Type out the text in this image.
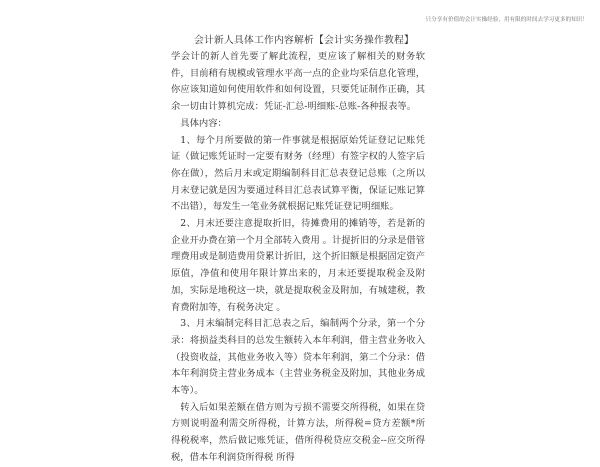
只分享有价值的会计实操经验，用有限的时间去学习更多的知识！
会计新人具体工作内容解析【会计实务操作教程】

学会计的新人首先要了解此流程，更应该了解相关的财务软件，目前稍有规模或管理水平高一点的企业均采信息化管理，你应该知道如何使用软件和如何设置，只要凭证制作正确，其余一切由计算机完成：凭证-汇总-明细账-总账-各种报表等。

具体内容：

1、每个月所要做的第一件事就是根据原始凭证登记记账凭证（做记账凭证时一定要有财务（经理）有签字权的人签字后你在做），然后月末或定期编制科目汇总表登记总账（之所以月末登记就是因为要通过科目汇总表试算平衡，保证记账记算不出错），每发生一笔业务就根据记账凭证登记明细账。

2、月末还要注意提取折旧，待摊费用的摊销等，若是新的企业开办费在第一个月全部转入费用 。计提折旧的分录是借管理费用或是制造费用贷累计折旧，这个折旧额是根据固定资产原值，净值和使用年限计算出来的，月末还要提取税金及附加，实际是地税这一块，就是提取税金及附加，有城建税，教育费附加等，有税务决定 。

3、月末编制完科目汇总表之后，编制两个分录，第一个分录：将损益类科目的总发生额转入本年利润，借主营业务收入（投资收益，其他业务收入等）贷本年利润，第二个分录：借本年利润贷主营业务成本（主营业务税金及附加，其他业务成本等）。

转入后如果差额在借方则为亏损不需要交所得税，如果在贷方则说明盈利需交所得税，计算方法，所得税=贷方差额*所得税税率，然后做记账凭证，借所得税贷应交税金--应交所得税，借本年利润贷所得税 所得
